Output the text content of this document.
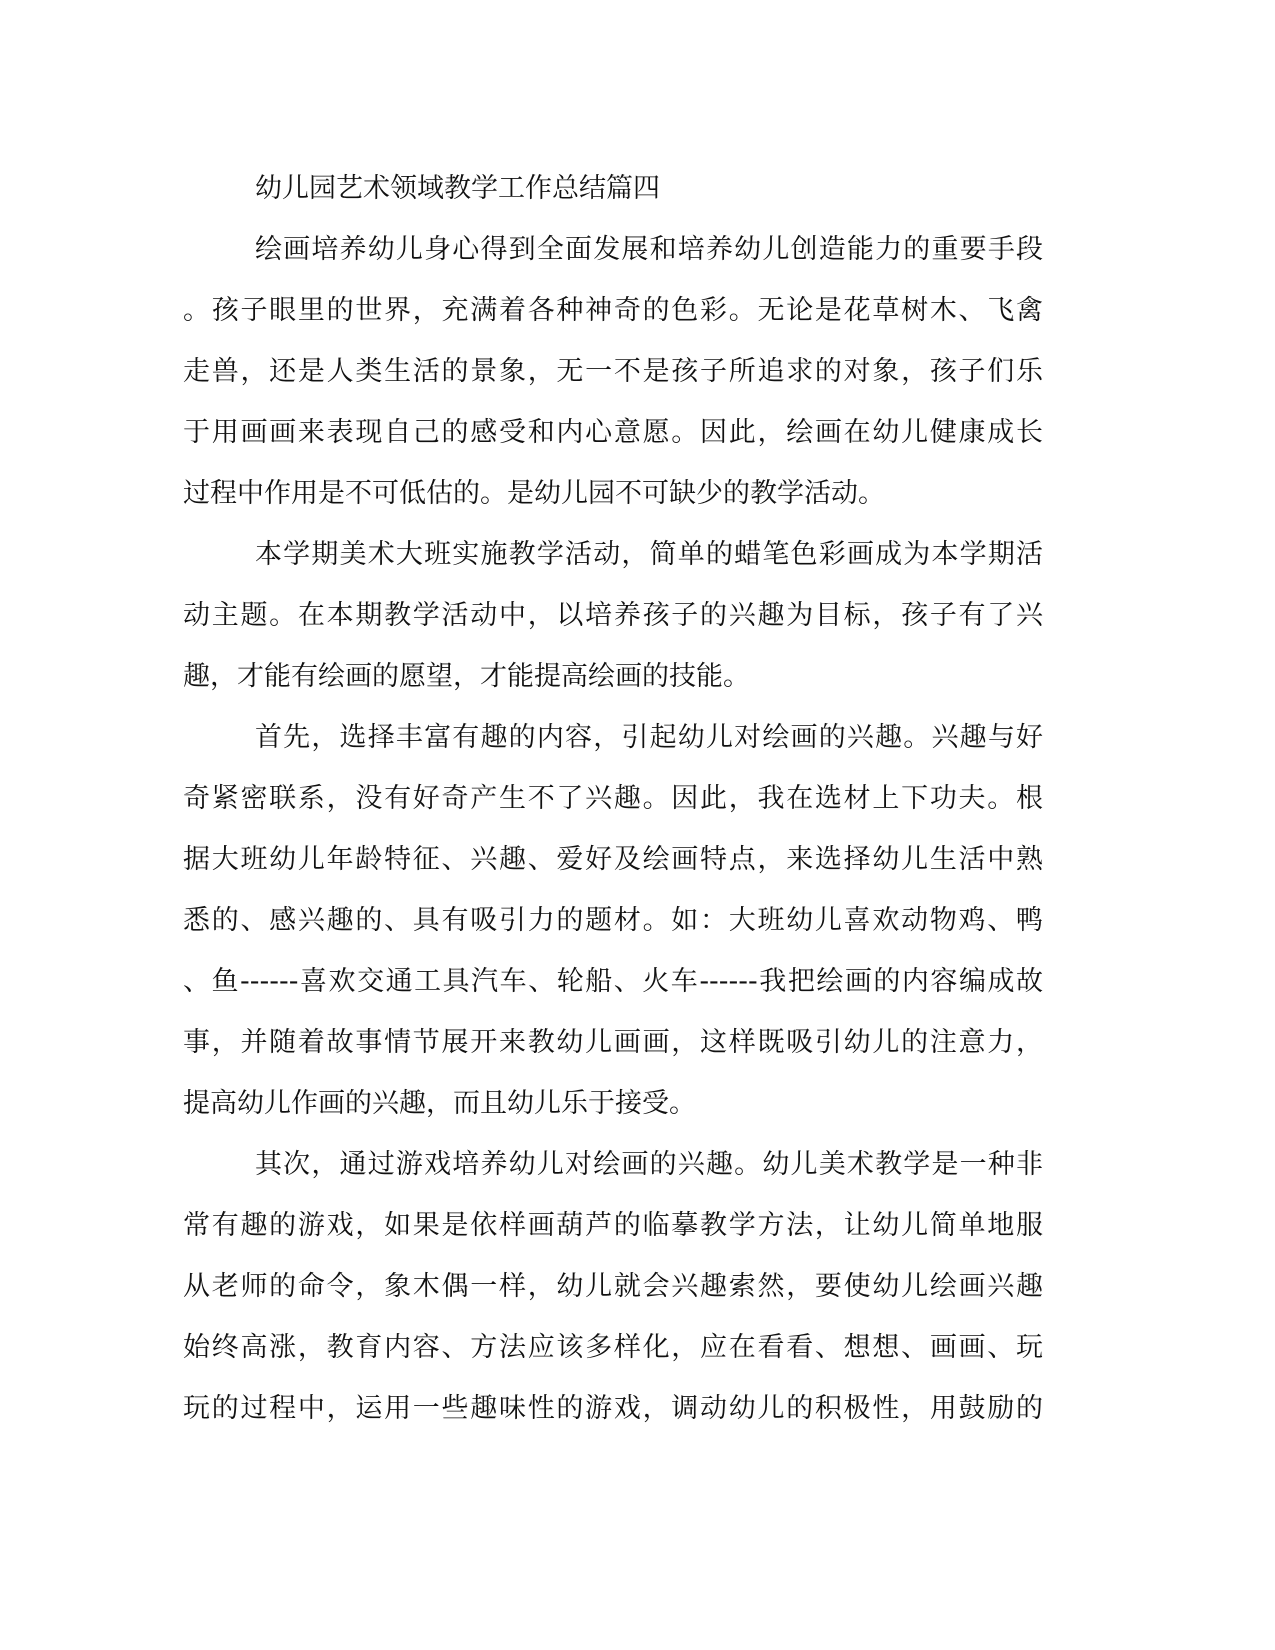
幼儿园艺术领域教学工作总结篇四
绘画培养幼儿身心得到全面发展和培养幼儿创造能力的重要手段
。孩子眼里的世界，充满着各种神奇的色彩。无论是花草树木、飞禽
走兽，还是人类生活的景象，无一不是孩子所追求的对象，孩子们乐
于用画画来表现自己的感受和内心意愿。因此，绘画在幼儿健康成长
过程中作用是不可低估的。是幼儿园不可缺少的教学活动。
本学期美术大班实施教学活动，简单的蜡笔色彩画成为本学期活
动主题。在本期教学活动中，以培养孩子的兴趣为目标，孩子有了兴
趣，才能有绘画的愿望，才能提高绘画的技能。
首先，选择丰富有趣的内容，引起幼儿对绘画的兴趣。兴趣与好
奇紧密联系，没有好奇产生不了兴趣。因此，我在选材上下功夫。根
据大班幼儿年龄特征、兴趣、爱好及绘画特点，来选择幼儿生活中熟
悉的、感兴趣的、具有吸引力的题材。如：大班幼儿喜欢动物鸡、鸭
、鱼------喜欢交通工具汽车、轮船、火车------我把绘画的内容编成故
事，并随着故事情节展开来教幼儿画画，这样既吸引幼儿的注意力，
提高幼儿作画的兴趣，而且幼儿乐于接受。
其次，通过游戏培养幼儿对绘画的兴趣。幼儿美术教学是一种非
常有趣的游戏，如果是依样画葫芦的临摹教学方法，让幼儿简单地服
从老师的命令，象木偶一样，幼儿就会兴趣索然，要使幼儿绘画兴趣
始终高涨，教育内容、方法应该多样化，应在看看、想想、画画、玩
玩的过程中，运用一些趣味性的游戏，调动幼儿的积极性，用鼓励的
